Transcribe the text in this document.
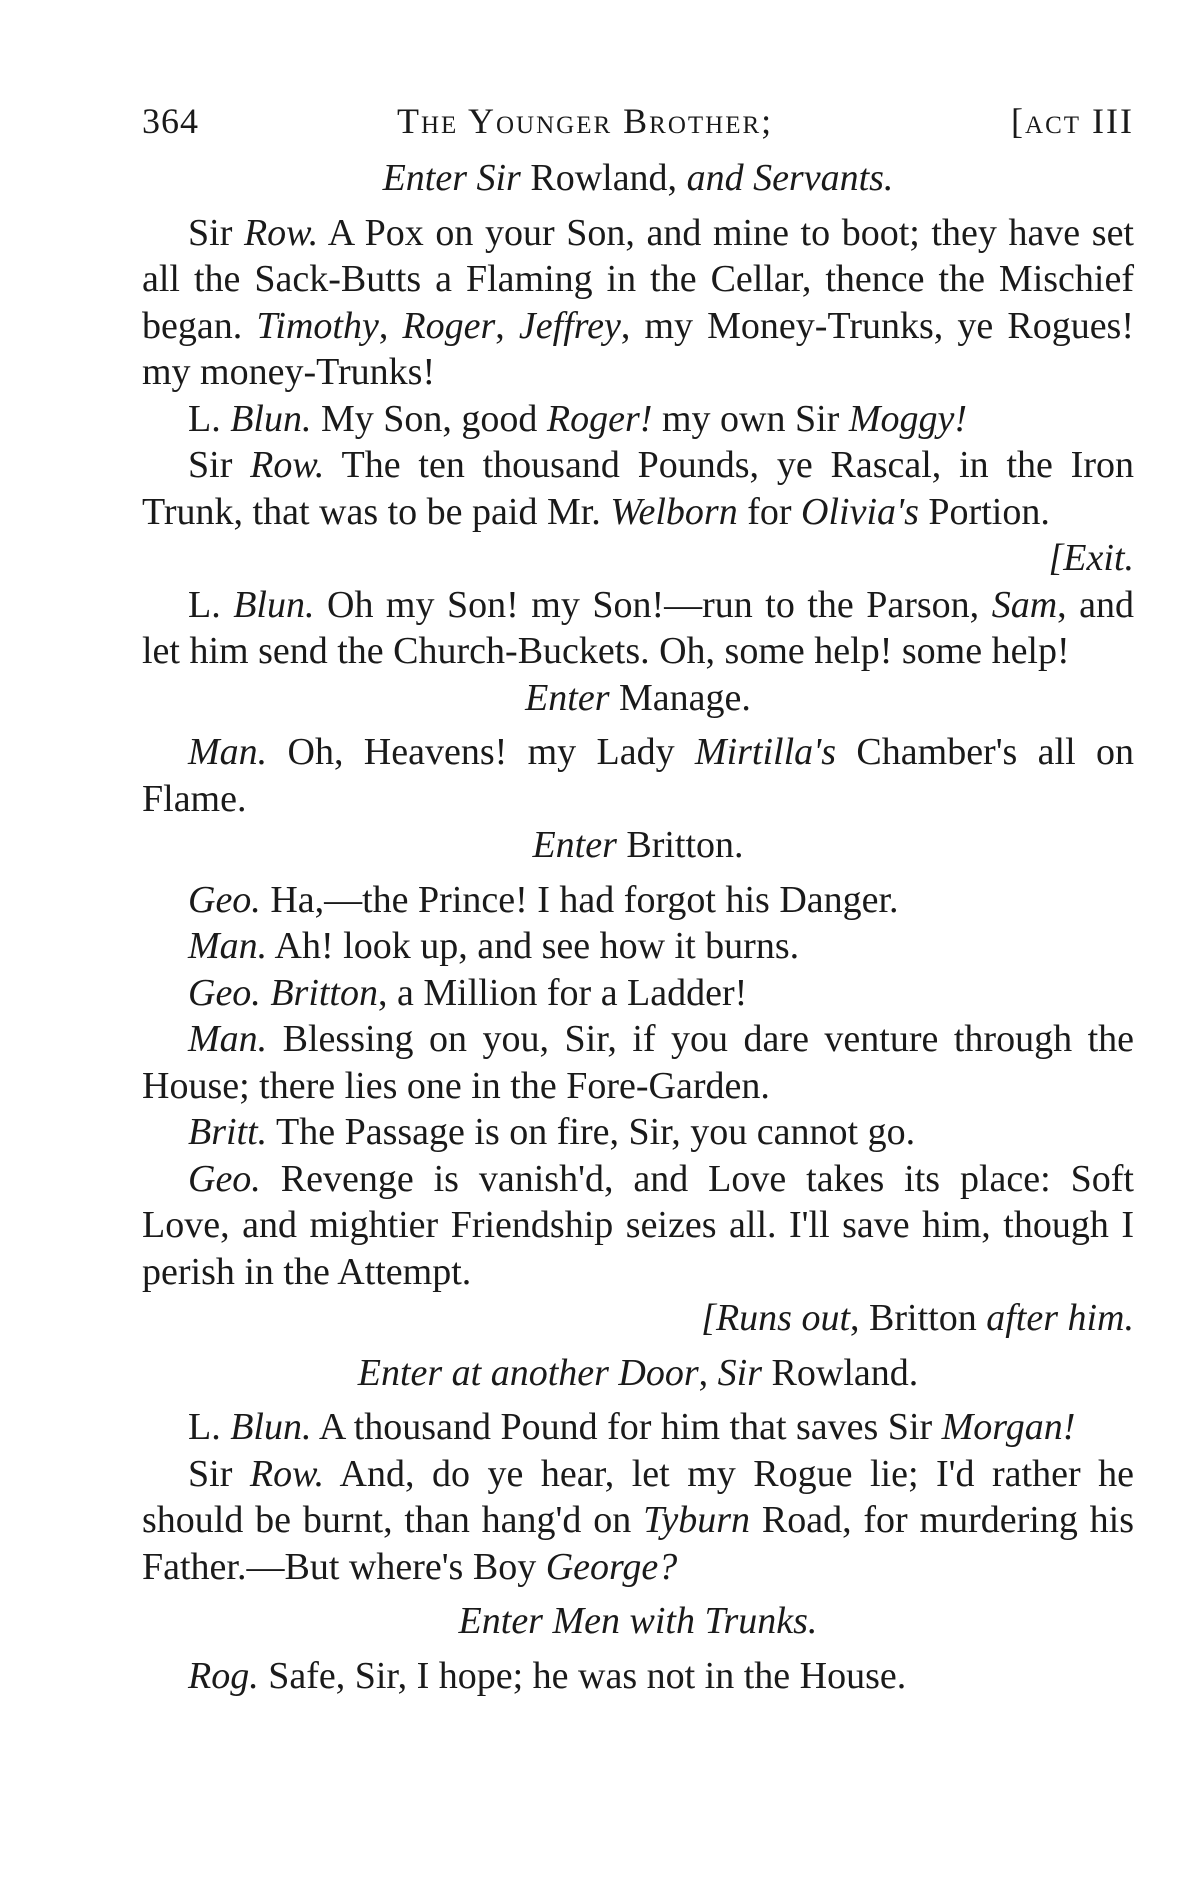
364	The Younger Brother;	[act III

Enter Sir Rowland, and Servants.

Sir Row. A Pox on your Son, and mine to boot; they have set all the Sack-Butts a Flaming in the Cellar, thence the Mischief began. Timothy, Roger, Jeffrey, my Money-Trunks, ye Rogues! my money-Trunks!

L. Blun. My Son, good Roger! my own Sir Moggy!

Sir Row. The ten thousand Pounds, ye Rascal, in the Iron Trunk, that was to be paid Mr. Welborn for Olivia's Portion.
[Exit.

L. Blun. Oh my Son! my Son!—run to the Parson, Sam, and let him send the Church-Buckets. Oh, some help! some help!

Enter Manage.

Man. Oh, Heavens! my Lady Mirtilla's Chamber's all on Flame.

Enter Britton.

Geo. Ha,—the Prince! I had forgot his Danger.

Man. Ah! look up, and see how it burns.

Geo. Britton, a Million for a Ladder!

Man. Blessing on you, Sir, if you dare venture through the House; there lies one in the Fore-Garden.

Britt. The Passage is on fire, Sir, you cannot go.

Geo. Revenge is vanish'd, and Love takes its place: Soft Love, and mightier Friendship seizes all. I'll save him, though I perish in the Attempt.

[Runs out, Britton after him.

Enter at another Door, Sir Rowland.

L. Blun. A thousand Pound for him that saves Sir Morgan!

Sir Row. And, do ye hear, let my Rogue lie; I'd rather he should be burnt, than hang'd on Tyburn Road, for murdering his Father.—But where's Boy George?

Enter Men with Trunks.

Rog. Safe, Sir, I hope; he was not in the House.
